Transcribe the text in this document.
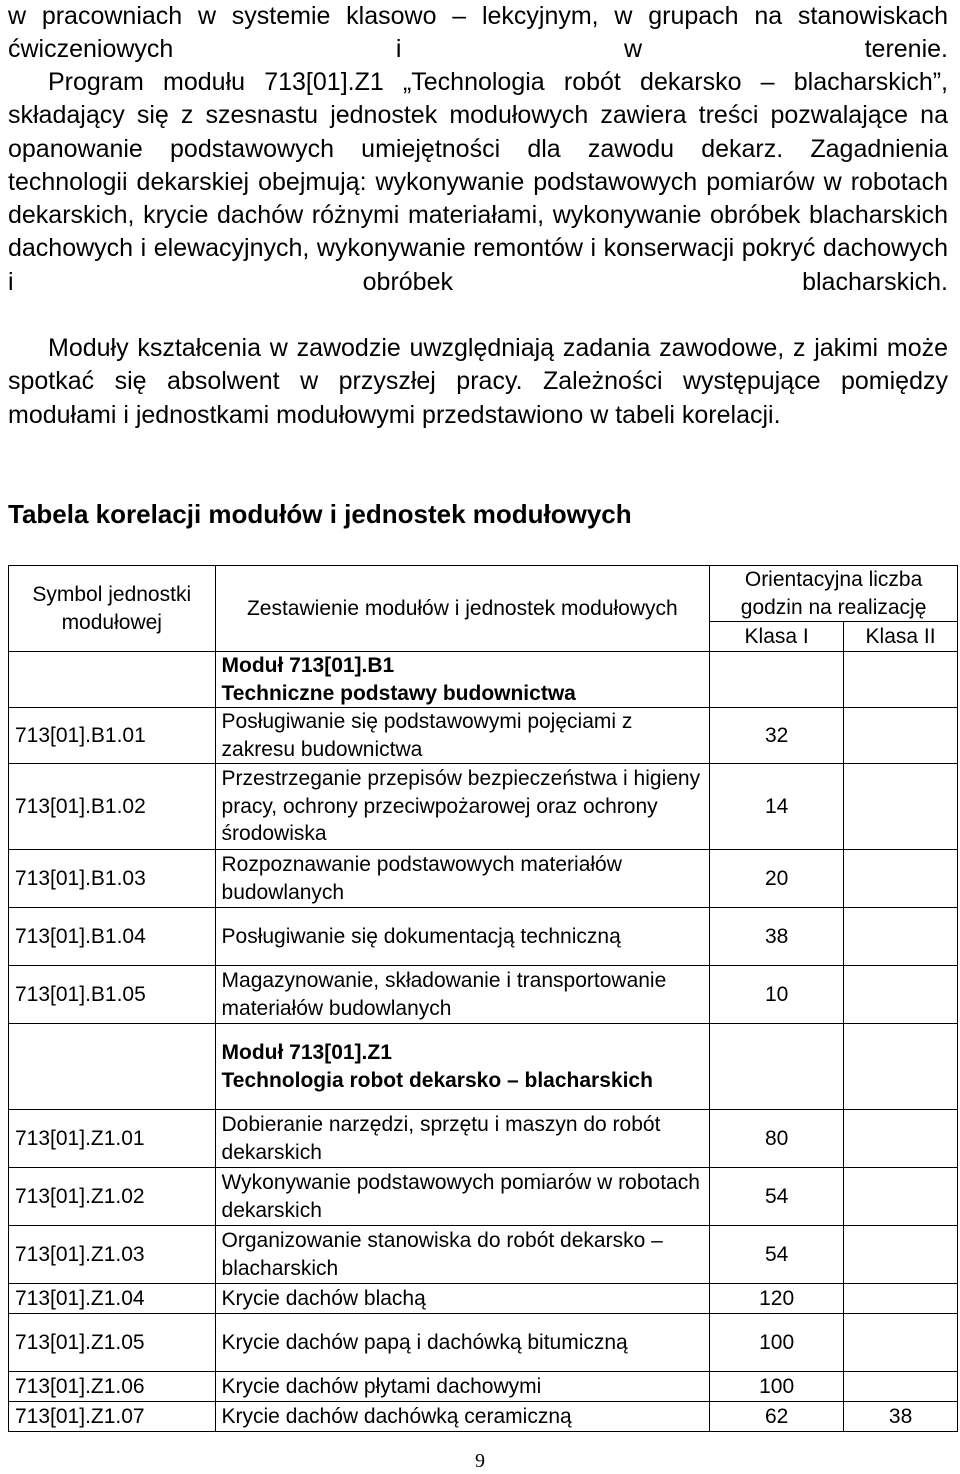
w pracowniach w systemie klasowo – lekcyjnym, w grupach na stanowiskach ćwiczeniowych i w terenie.

Program modułu 713[01].Z1 „Technologia robót dekarsko – blacharskich”, składający się z szesnastu jednostek modułowych zawiera treści pozwalające na opanowanie podstawowych umiejętności dla zawodu dekarz. Zagadnienia technologii dekarskiej obejmują: wykonywanie podstawowych pomiarów w robotach dekarskich, krycie dachów różnymi materiałami, wykonywanie obróbek blacharskich dachowych i elewacyjnych, wykonywanie remontów i konserwacji pokryć dachowych i obróbek blacharskich.

Moduły kształcenia w zawodzie uwzględniają zadania zawodowe, z jakimi może spotkać się absolwent w przyszłej pracy. Zależności występujące pomiędzy modułami i jednostkami modułowymi przedstawiono w tabeli korelacji.

Tabela korelacji modułów i jednostek modułowych
Symbol jednostki modułowej	Zestawienie modułów i jednostek modułowych	Orientacyjna liczba godzin na realizację	
		Klasa I	Klasa II

	Moduł 713[01].B1
Techniczne podstawy budownictwa		

713[01].B1.01	Posługiwanie się podstawowymi pojęciami z zakresu budownictwa	32	
713[01].B1.02	Przestrzeganie przepisów bezpieczeństwa i higieny pracy, ochrony przeciwpożarowej oraz ochrony środowiska	14	
713[01].B1.03	Rozpoznawanie podstawowych materiałów budowlanych	20	
713[01].B1.04	Posługiwanie się dokumentacją techniczną	38	
713[01].B1.05	Magazynowanie, składowanie i transportowanie materiałów budowlanych	10	

	Moduł 713[01].Z1
Technologia robot dekarsko – blacharskich		

713[01].Z1.01	Dobieranie narzędzi, sprzętu i maszyn do robót dekarskich	80	
713[01].Z1.02	Wykonywanie podstawowych pomiarów w robotach dekarskich	54	
713[01].Z1.03	Organizowanie stanowiska do robót dekarsko – blacharskich	54	
713[01].Z1.04	Krycie dachów blachą	120	
713[01].Z1.05	Krycie dachów papą i dachówką bitumiczną	100	
713[01].Z1.06	Krycie dachów płytami dachowymi	100	
713[01].Z1.07	Krycie dachów dachówką ceramiczną	62	38
9
